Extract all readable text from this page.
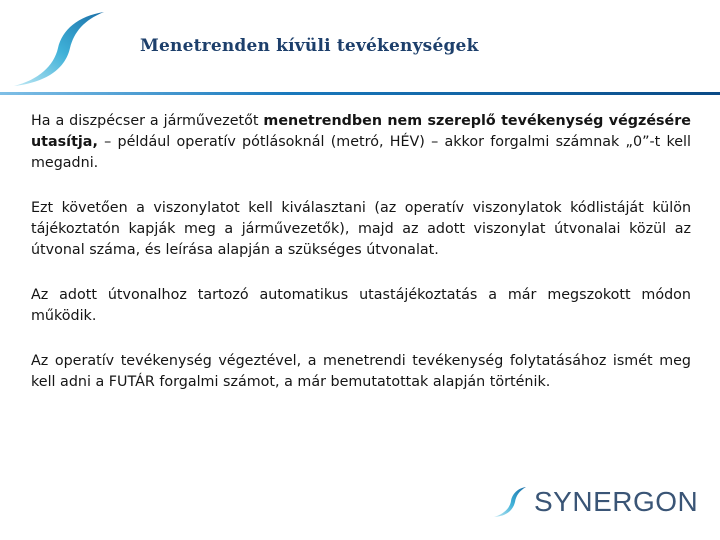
Menetrenden kívüli tevékenységek

Ha a diszpécser a járművezetőt menetrendben nem szereplő tevékenység végzésére utasítja, – például operatív pótlásoknál (metró, HÉV) – akkor forgalmi számnak „0”-t kell megadni.

Ezt követően a viszonylatot kell kiválasztani (az operatív viszonylatok kódlistáját külön tájékoztatón kapják meg a járművezetők), majd az adott viszonylat útvonalai közül az útvonal száma, és leírása alapján a szükséges útvonalat.

Az adott útvonalhoz tartozó automatikus utastájékoztatás a már megszokott módon működik.

Az operatív tevékenység végeztével, a menetrendi tevékenység folytatásához ismét meg kell adni a FUTÁR forgalmi számot, a már bemutatottak alapján történik.

SYNERGON
